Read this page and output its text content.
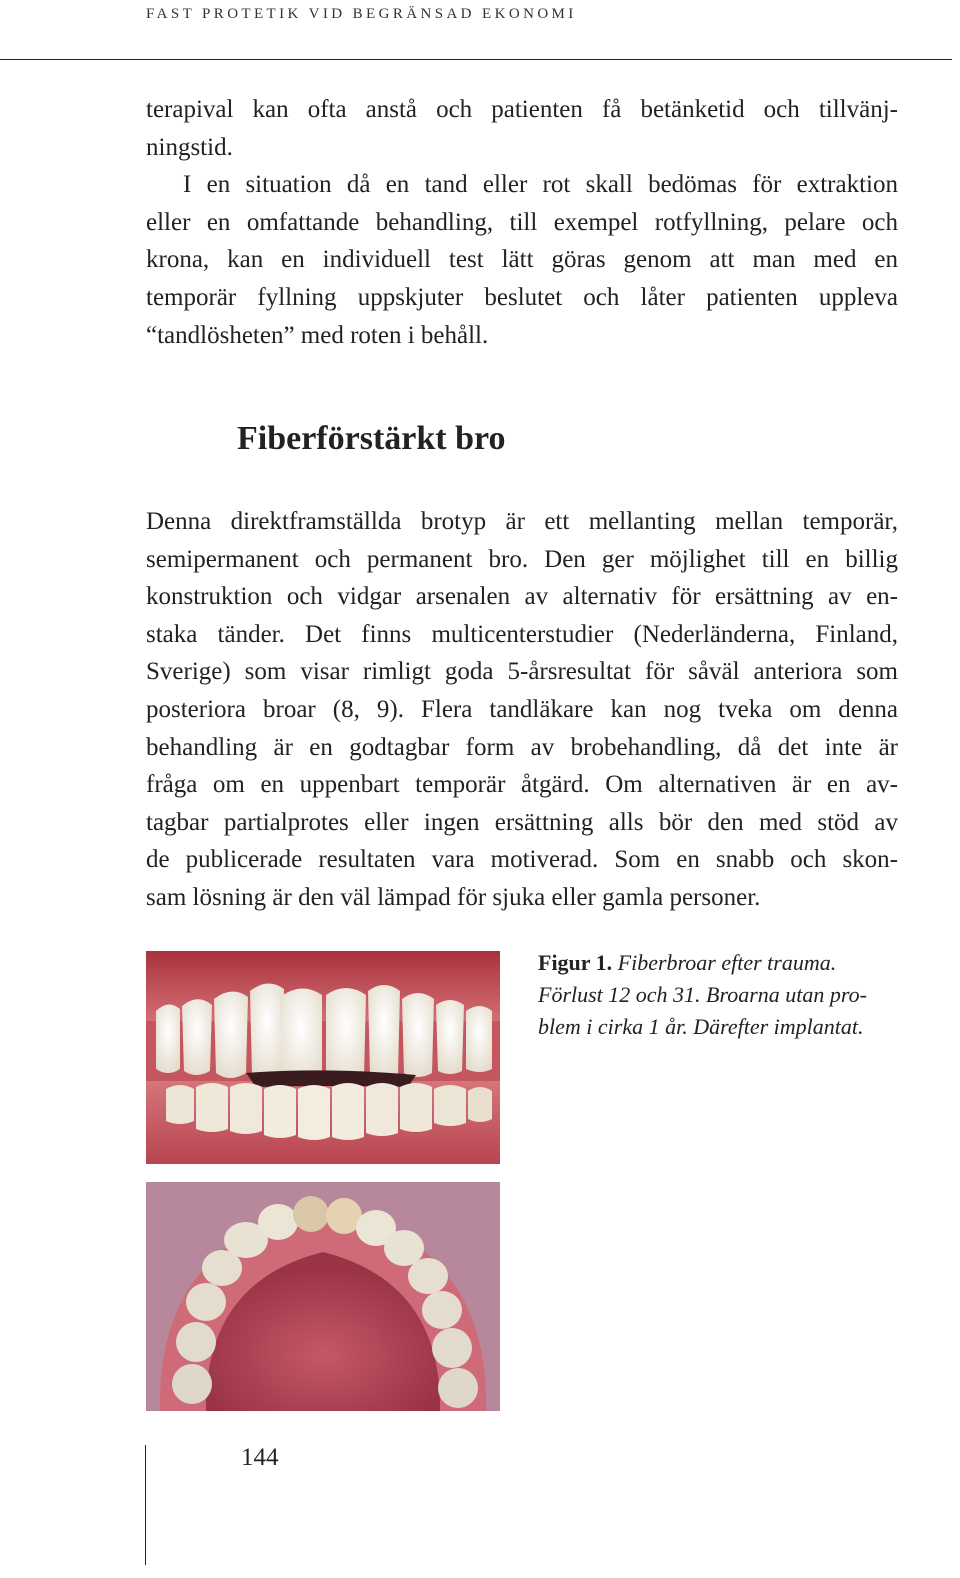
FAST PROTETIK VID BEGRÄNSAD EKONOMI
terapival kan ofta anstå och patienten få betänketid och tillvänj-
ningstid.
I en situation då en tand eller rot skall bedömas för extraktion
eller en omfattande behandling, till exempel rotfyllning, pelare och
krona, kan en individuell test lätt göras genom att man med en
temporär fyllning uppskjuter beslutet och låter patienten uppleva
“tandlösheten” med roten i behåll.
Fiberförstärkt bro
Denna direktframställda brotyp är ett mellanting mellan temporär,
semipermanent och permanent bro. Den ger möjlighet till en billig
konstruktion och vidgar arsenalen av alternativ för ersättning av en-
staka tänder. Det finns multicenterstudier (Nederländerna, Finland,
Sverige) som visar rimligt goda 5-årsresultat för såväl anteriora som
posteriora broar (8, 9). Flera tandläkare kan nog tveka om denna
behandling är en godtagbar form av brobehandling, då det inte är
fråga om en uppenbart temporär åtgärd. Om alternativen är en av-
tagbar partialprotes eller ingen ersättning alls bör den med stöd av
de publicerade resultaten vara motiverad. Som en snabb och skon-
sam lösning är den väl lämpad för sjuka eller gamla personer.
Figur 1. Fiberbroar efter trauma.
Förlust 12 och 31. Broarna utan pro-
blem i cirka 1 år. Därefter implantat.
144
